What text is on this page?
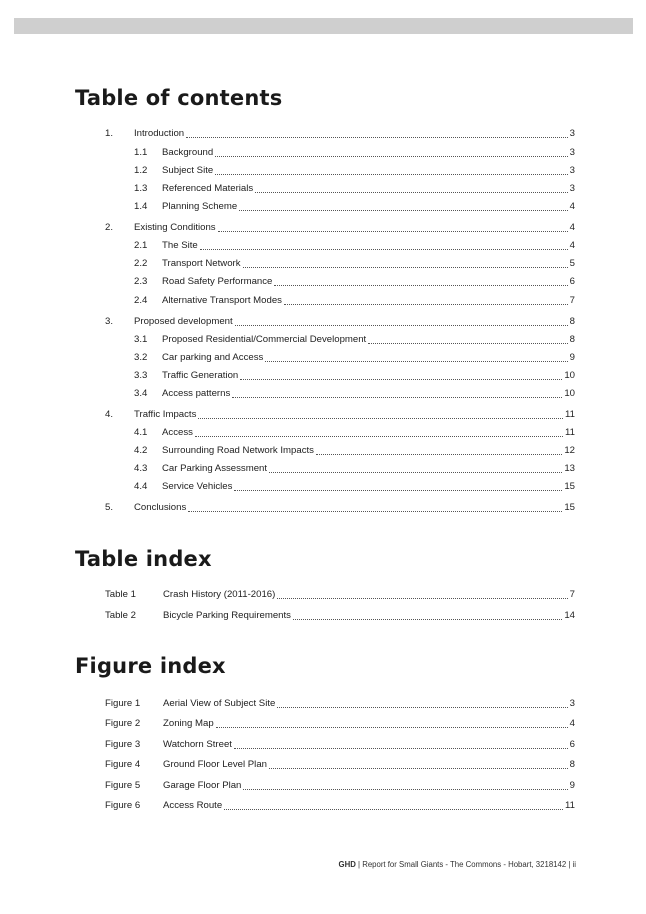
Table of contents
Table index
Figure index
1. Introduction	3
1.1 Background	3
1.2 Subject Site	3
1.3 Referenced Materials	3
1.4 Planning Scheme	4
2. Existing Conditions	4
2.1 The Site	4
2.2 Transport Network	5
2.3 Road Safety Performance	6
2.4 Alternative Transport Modes	7
3. Proposed development	8
3.1 Proposed Residential/Commercial Development	8
3.2 Car parking and Access	9
3.3 Traffic Generation	10
3.4 Access patterns	10
4. Traffic Impacts	11
4.1 Access	11
4.2 Surrounding Road Network Impacts	12
4.3 Car Parking Assessment	13
4.4 Service Vehicles	15
5. Conclusions	15
Table 1	Crash History (2011-2016)	7
Table 2	Bicycle Parking Requirements	14
Figure 1 Aerial View of Subject Site	3
Figure 2 Zoning Map	4
Figure 3 Watchorn Street	6
Figure 4 Ground Floor Level Plan	8
Figure 5 Garage Floor Plan	9
Figure 6 Access Route	11
GHD | Report for Small Giants - The Commons - Hobart, 3218142 | ii
